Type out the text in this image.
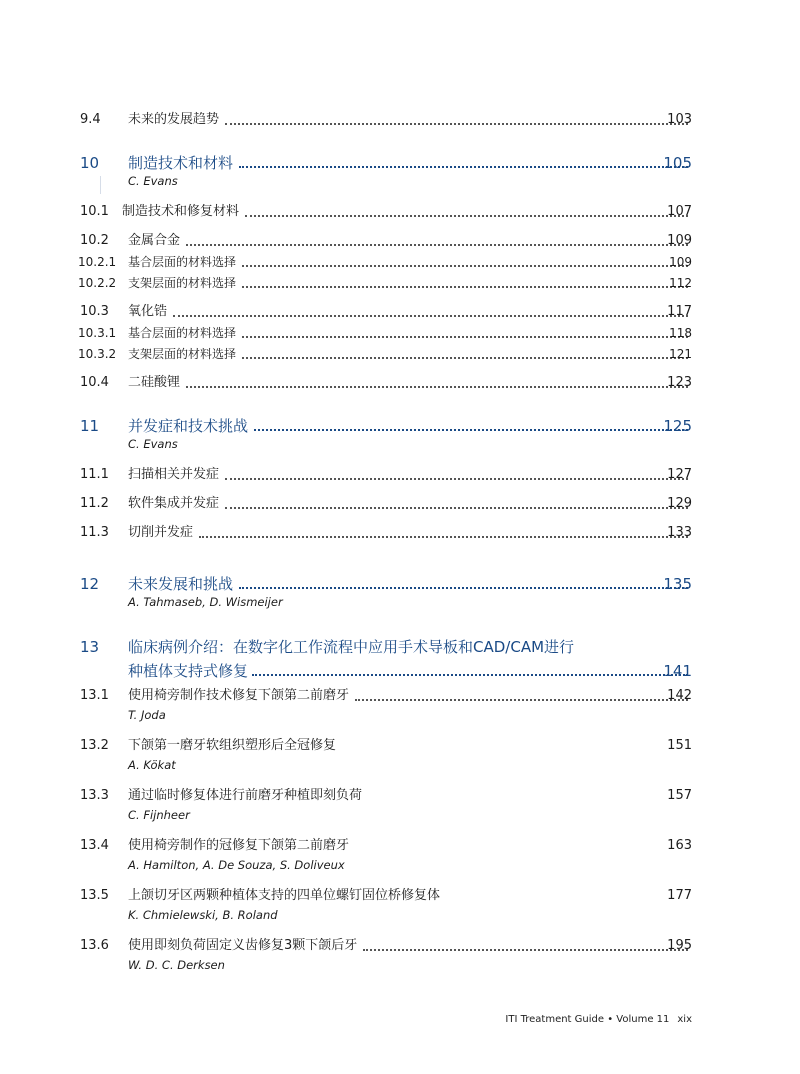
9.4 未来的发展趋势	103
10 制造技术和材料	105
C. Evans
10.1 制造技术和修复材料	107
10.2 金属合金	109
10.2.1 基合层面的材料选择	109
10.2.2 支架层面的材料选择	112
10.3 氧化锆	117
10.3.1 基合层面的材料选择	118
10.3.2 支架层面的材料选择	121
10.4 二硅酸锂	123
11 并发症和技术挑战	125
C. Evans
11.1 扫描相关并发症	127
11.2 软件集成并发症	129
11.3 切削并发症	133
12 未来发展和挑战	135
A. Tahmaseb, D. Wismeijer
13 临床病例介绍：在数字化工作流程中应用手术导板和CAD/CAM进行
种植体支持式修复	141
13.1 使用椅旁制作技术修复下颌第二前磨牙	142
T. Joda
13.2 下颌第一磨牙软组织塑形后全冠修复	151
A. Kökat
13.3 通过临时修复体进行前磨牙种植即刻负荷	157
C. Fijnheer
13.4 使用椅旁制作的冠修复下颌第二前磨牙	163
A. Hamilton, A. De Souza, S. Doliveux
13.5 上颌切牙区两颗种植体支持的四单位螺钉固位桥修复体	177
K. Chmielewski, B. Roland
13.6 使用即刻负荷固定义齿修复3颗下颌后牙	195
W. D. C. Derksen
ITI Treatment Guide • Volume 11 xix
